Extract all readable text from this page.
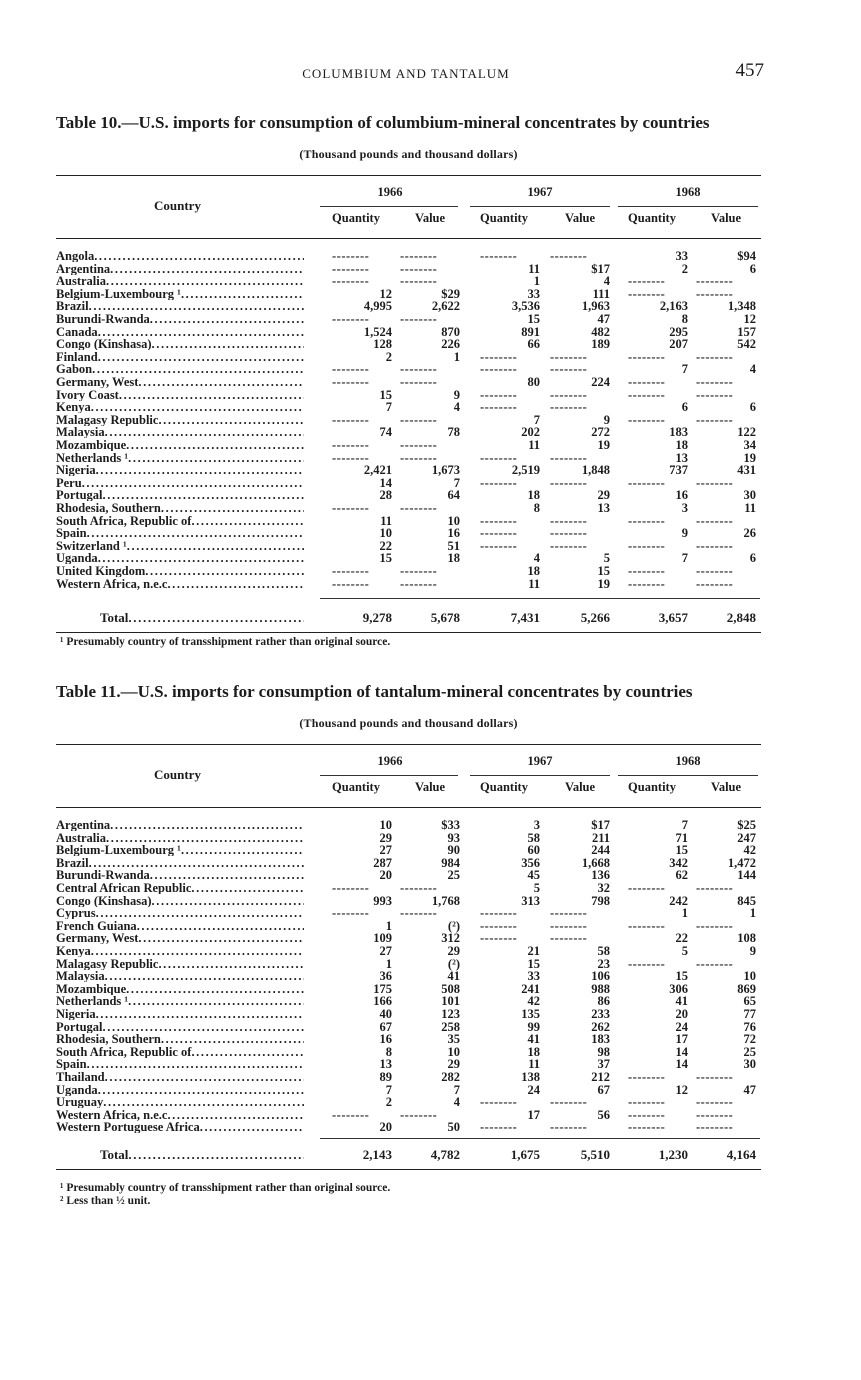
COLUMBIUM AND TANTALUM	457
Table 10.—U.S. imports for consumption of columbium-mineral concentrates by countries
(Thousand pounds and thousand dollars)
Country
1966	1967	1968
Quantity	Value	Quantity	Value	Quantity	Value
Angola .....	--------	--------	--------	--------	33	$94
Argentina .....	--------	--------	11	$17	2	6
Australia .....	--------	--------	1	4 --------	--------
Belgium-Luxembourg ¹ .....	12	$29	33	111 --------	--------
Brazil .....	4,995	2,622	3,536	1,963	2,163	1,348
Burundi-Rwanda .....	--------	--------	15	47	8	12
Canada .....	1,524	870	891	482	295	157
Congo (Kinshasa) .....	128	226	66	189	207	542
Finland .....	2	1 --------	--------	--------	--------
Gabon .....	--------	--------	--------	--------	7	4
Germany, West .....	--------	--------	80	224 --------	--------
Ivory Coast .....	15	9 --------	--------	--------	--------
Kenya .....	7	4 --------	--------	6	6
Malagasy Republic .....	--------	--------	7	9 --------	--------
Malaysia .....	74	78	202	272	183	122
Mozambique .....	--------	--------	11	19	18	34
Netherlands ¹ .....	--------	--------	--------	--------	13	19
Nigeria .....	2,421	1,673	2,519	1,848	737	431
Peru .....	14	7 --------	--------	--------	--------
Portugal .....	28	64	18	29	16	30
Rhodesia, Southern .....	--------	--------	8	13	3	11
South Africa, Republic of .....	11	10 --------	--------	--------	--------
Spain .....	10	16 --------	--------	9	26
Switzerland ¹ .....	22	51 --------	--------	--------	--------
Uganda .....	15	18	4	5	7	6
United Kingdom .....	--------	--------	18	15 --------	--------
Western Africa, n.e.c .....	--------	--------	11	19 --------	--------
Total .....	9,278	5,678	7,431	5,266	3,657	2,848
¹ Presumably country of transshipment rather than original source.
Table 11.—U.S. imports for consumption of tantalum-mineral concentrates by countries
(Thousand pounds and thousand dollars)
Country
1966	1967	1968
Quantity	Value	Quantity	Value	Quantity	Value
Argentina .....	10	$33	3	$17	7	$25
Australia .....	29	93	58	211	71	247
Belgium-Luxembourg ¹ .....	27	90	60	244	15	42
Brazil .....	287	984	356	1,668	342	1,472
Burundi-Rwanda .....	20	25	45	136	62	144
Central African Republic .....	--------	--------	5	32 --------	--------
Congo (Kinshasa) .....	993	1,768	313	798	242	845
Cyprus .....	--------	--------	--------	--------	1	1
French Guiana .....	1	(²) --------	--------	--------	--------
Germany, West .....	109	312 --------	--------	22	108
Kenya .....	27	29	21	58	5	9
Malagasy Republic .....	1	(²)	15	23 --------	--------
Malaysia .....	36	41	33	106	15	10
Mozambique .....	175	508	241	988	306	869
Netherlands ¹ .....	166	101	42	86	41	65
Nigeria .....	40	123	135	233	20	77
Portugal .....	67	258	99	262	24	76
Rhodesia, Southern .....	16	35	41	183	17	72
South Africa, Republic of .....	8	10	18	98	14	25
Spain .....	13	29	11	37	14	30
Thailand .....	89	282	138	212 --------	--------
Uganda .....	7	7	24	67	12	47
Uruguay .....	2	4 --------	--------	--------	--------
Western Africa, n.e.c .....	--------	--------	17	56 --------	--------
Western Portuguese Africa .....	20	50 --------	--------	--------	--------
Total .....	2,143	4,782	1,675	5,510	1,230	4,164
¹ Presumably country of transshipment rather than original source.
² Less than ½ unit.
